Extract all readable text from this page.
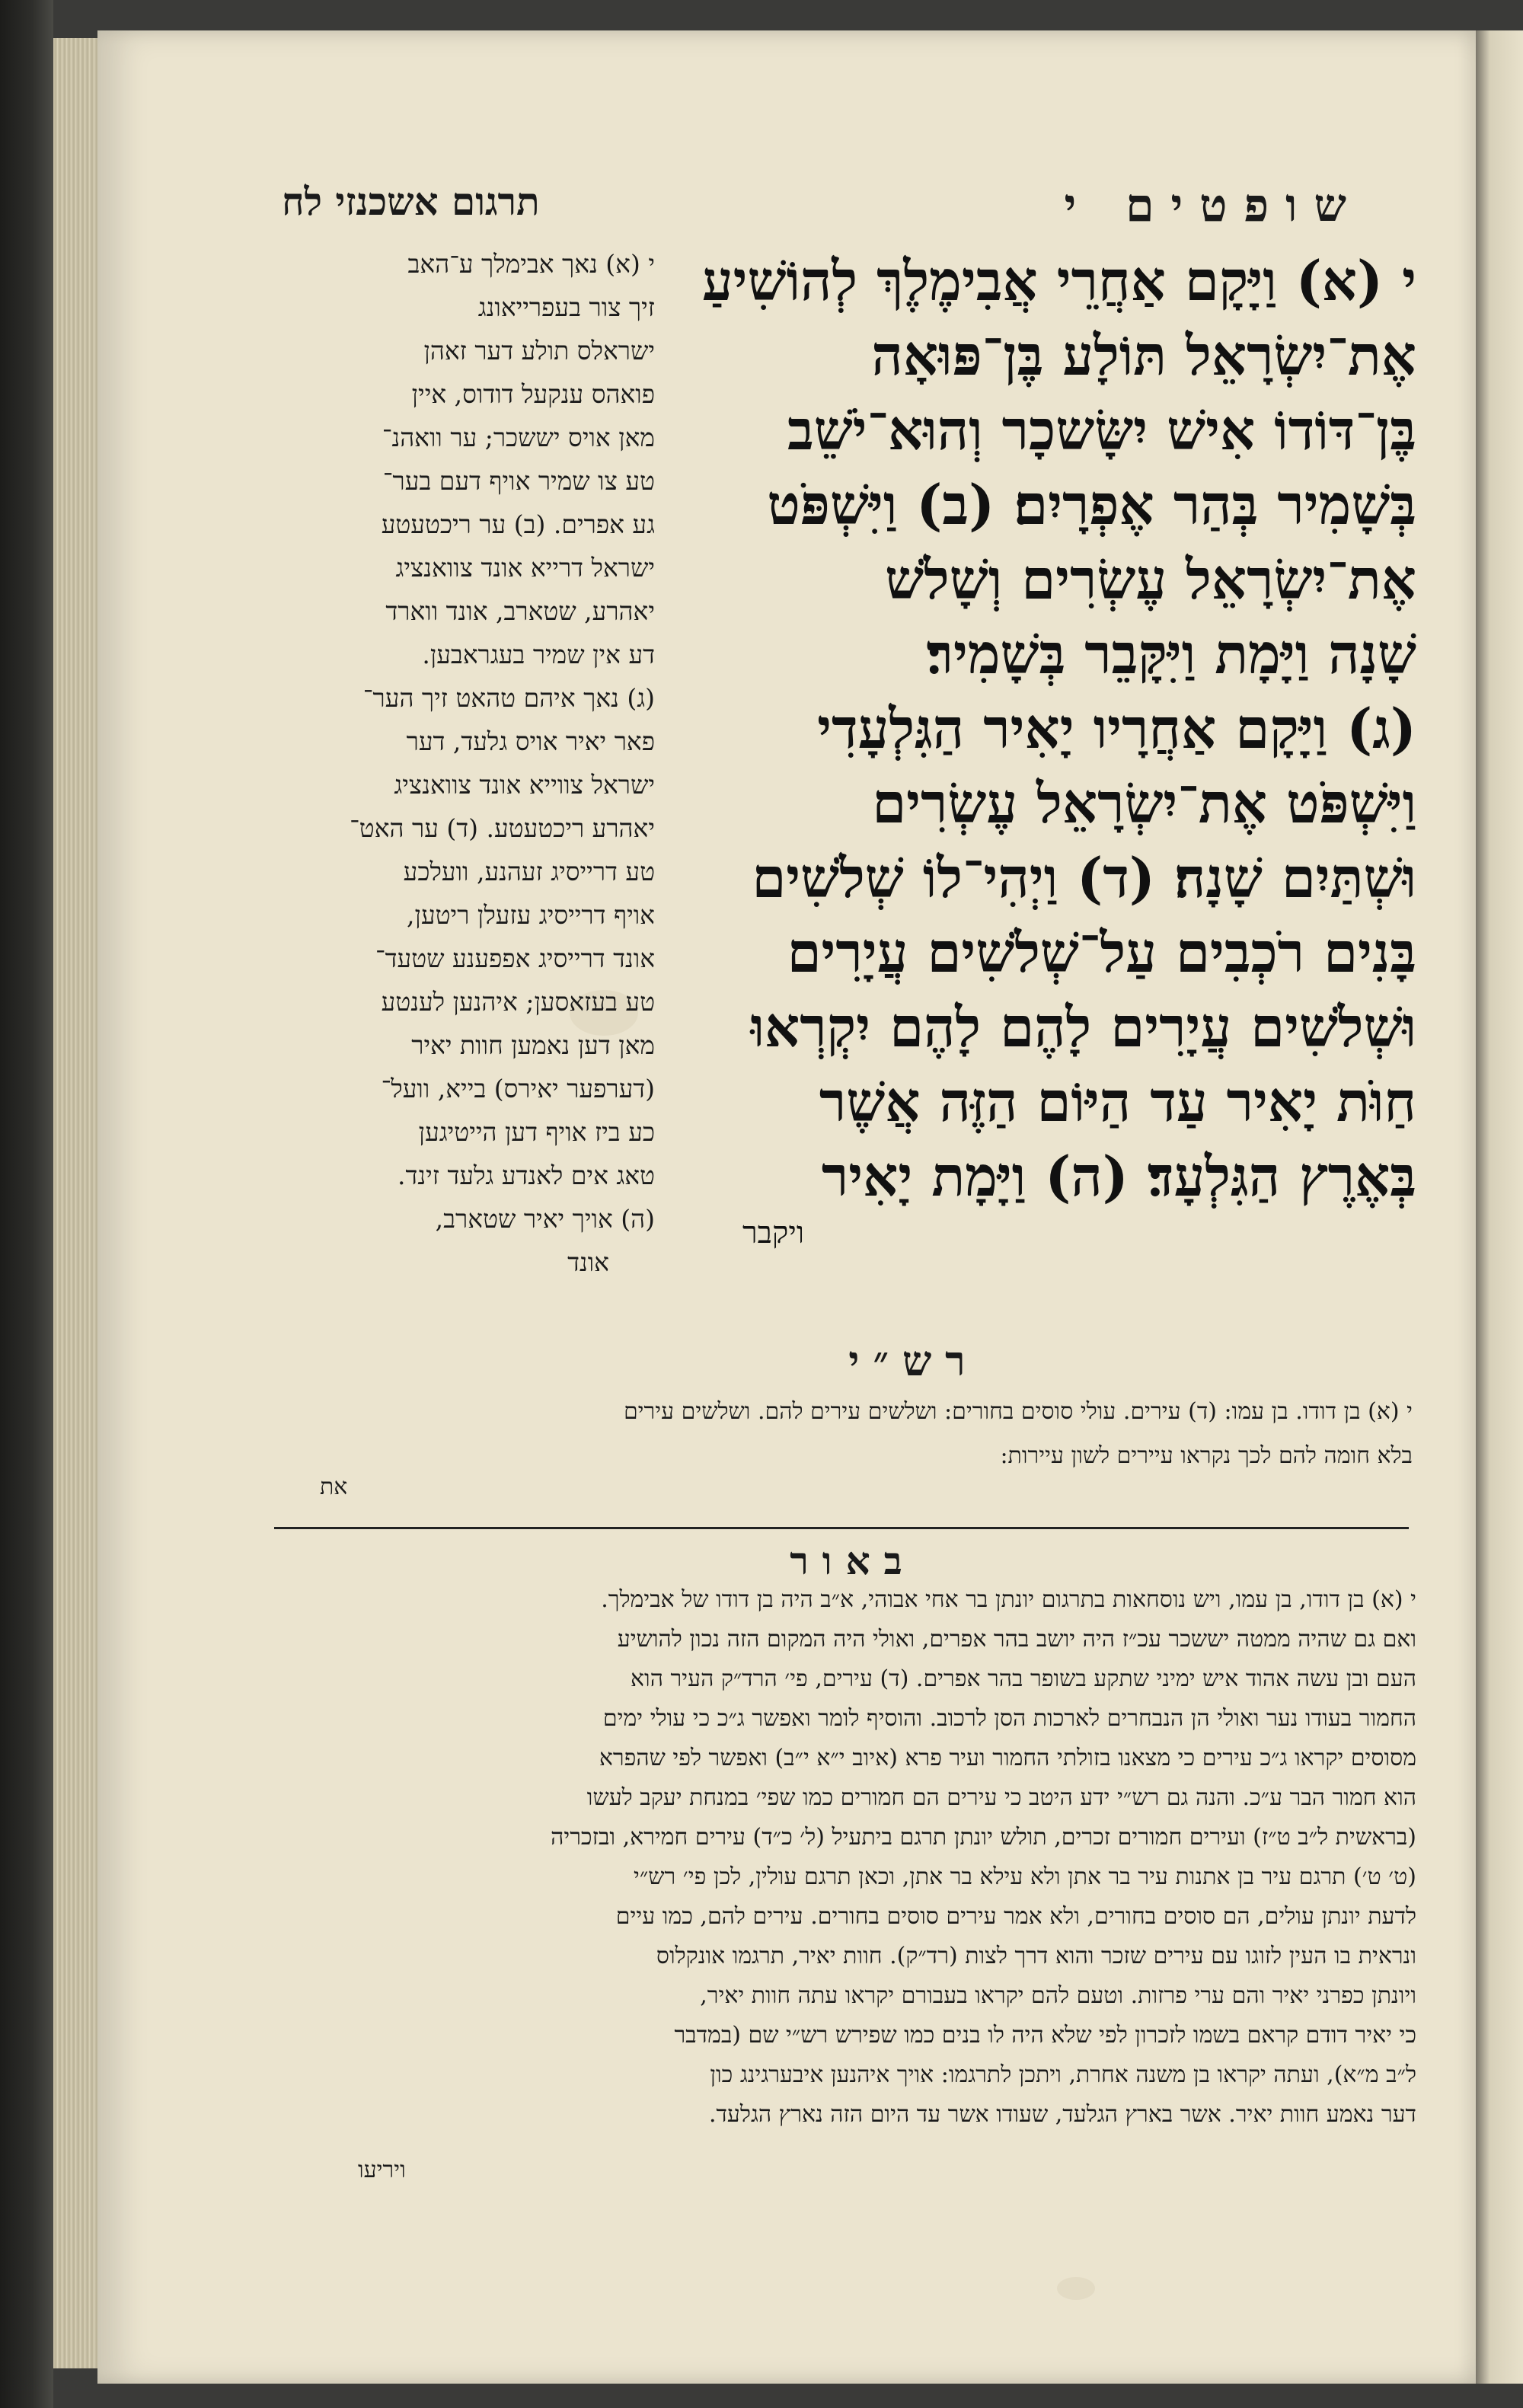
שופטים י
תרגום אשכנזי לח
י (א) וַיָּקָם אַחֲרֵי אֲבִימֶלֶךְ לְהוֹשִׁיעַ
אֶת־יִשְׂרָאֵל תּוֹלָע בֶּן־פּוּאָה
בֶּן־דּוֹדוֹ אִישׁ יִשָּׂשכָר וְהוּא־יֹשֵׁב
בְּשָׁמִיר בְּהַר אֶפְרָיִם׃ (ב) וַיִּשְׁפֹּט
אֶת־יִשְׂרָאֵל עֶשְׂרִים וְשָׁלֹשׁ
שָׁנָה וַיָּמָת וַיִּקָּבֵר בְּשָׁמִיר׃
(ג) וַיָּקָם אַחֲרָיו יָאִיר הַגִּלְעָדִי
וַיִּשְׁפֹּט אֶת־יִשְׂרָאֵל עֶשְׂרִים
וּשְׁתַּיִם שָׁנָה׃ (ד) וַיְהִי־לוֹ שְׁלֹשִׁים
בָּנִים רֹכְבִים עַל־שְׁלֹשִׁים עֲיָרִים
וּשְׁלֹשִׁים עֲיָרִים לָהֶם לָהֶם יִקְרְאוּ
חַוֹּת יָאִיר עַד הַיּוֹם הַזֶּה אֲשֶׁר
בְּאֶרֶץ הַגִּלְעָד׃ (ה) וַיָּמָת יָאִיר
ויקבר
י (א) נאך אבימלך ע־האב
זיך צור בעפרייאונג
ישראלס תולע דער זאהן
פואהס ענקעל דודוס, איין
מאן אויס יששכר; ער וואהנ־
טע צו שמיר אויף דעם בער־
גע אפרים. (ב) ער ריכטעטע
ישראל דרייא אונד צוואנציג
יאהרע, שטארב, אונד ווארד
דע אין שמיר בעגראבען.
(ג) נאך איהם טהאט זיך הער־
פאר יאיר אויס גלעד, דער
ישראל צווייא אונד צוואנציג
יאהרע ריכטעטע. (ד) ער האט־
טע דרייסיג זעהנע, וועלכע
אויף דרייסיג עזעלן ריטען,
אונד דרייסיג אפפענע שטעד־
טע בעזאסען; איהנען לענטע
מאן דען נאמען חוות יאיר
(דערפער יאירס) בייא, וועל־
כע ביז אויף דען הייטיגען
טאג אים לאנדע גלעד זינד.
(ה) אויך יאיר שטארב,
אונד
רש״י
י (א) בן דודו. בן עמו: (ד) עירים. עולי סוסים בחורים: ושלשים עירים להם. ושלשים עירים
בלא חומה להם לכך נקראו עיירים לשון עיירות:
את
באור
י (א) בן דודו, בן עמו, ויש נוסחאות בתרגום יונתן בר אחי אבוהי, א״ב היה בן דודו של אבימלך.
ואם גם שהיה ממטה יששכר עכ״ז היה יושב בהר אפרים, ואולי היה המקום הזה נכון להושיע
העם ובן עשה אהוד איש ימיני שתקע בשופר בהר אפרים. (ד) עירים, פי׳ הרד״ק העיר הוא
החמור בעודו נער ואולי הן הנבחרים לארכות הסן לרכוב. והוסיף לומר ואפשר ג״כ כי עולי ימים
מסוסים יקראו ג״כ עירים כי מצאנו בזולתי החמור ועיר פרא (איוב י״א י״ב) ואפשר לפי שהפרא
הוא חמור הבר ע״כ. והנה גם רש״י ידע היטב כי עירים הם חמורים כמו שפי׳ במנחת יעקב לעשו
(בראשית ל״ב ט״ז) ועירים חמורים זכרים, תולש יונתן תרגם ביתעיל (ל׳ כ״ד) עירים חמירא, ובזכריה
(ט׳ ט׳) תרגם עיר בן אתנות עיר בר אתן ולא עילא בר אתן, וכאן תרגם עולין, לכן פי׳ רש״י
לדעת יונתן עולים, הם סוסים בחורים, ולא אמר עירים סוסים בחורים. עירים להם, כמו עיים
ונראית בו העין לזוגו עם עירים שזכר והוא דרך לצות (רד״ק). חוות יאיר, תרגמו אונקלוס
ויונתן כפרני יאיר והם ערי פרזות. וטעם להם יקראו בעבורם יקראו עתה חוות יאיר,
כי יאיר דודם קראם בשמו לזכרון לפי שלא היה לו בנים כמו שפירש רש״י שם (במדבר
ל״ב מ״א), ועתה יקראו בן משנה אחרת, ויתכן לתרגמו: אויך איהנען איבערגינג כון
דער נאמע חוות יאיר. אשר בארץ הגלעד, שעודו אשר עד היום הזה נארץ הגלעד.
ויריעו
